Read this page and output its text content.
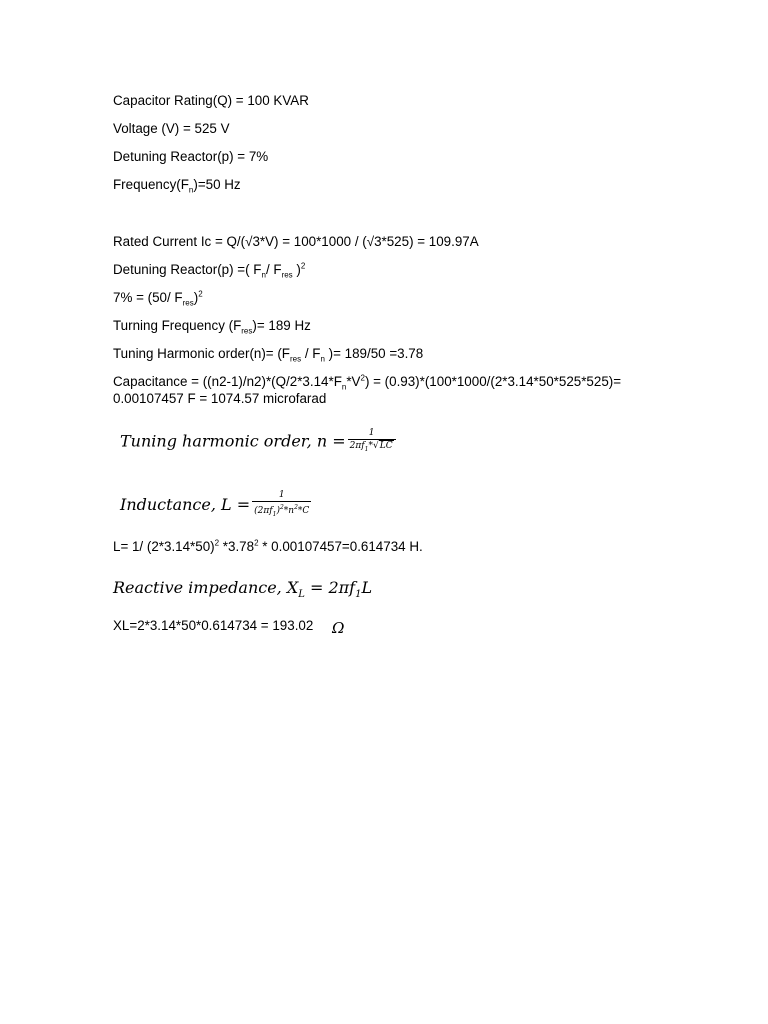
Capacitor Rating(Q) = 100 KVAR
Voltage (V) = 525 V
Detuning Reactor(p) = 7%
$Frequency(F_n)=50$ Hz
Rated Current Ic = Q/(√3*V) = 100*1000 / (√3*525) = 109.97A
Detuning Reactor(p) =( $F_n/$ $F_{res}$ )$^2$
7% = (50/ $F_{res})^2$
Turning Frequency $(F_{res})= 189$ Hz
Tuning Harmonic order(n)= ($F_{res} / F_n$ )= 189/50 =3.78
Capacitance = $((n2-1)/n2)*(Q/2*3.14*F_n*V^2) = (0.93)*(100*1000/(2*3.14*50*525*525)=$
0.00107457 F = 1074.57 microfarad
Tuning harmonic order, $n = \frac{1}{2\pi f_1*√LC}$
Inductance, $L = \frac{1}{(2\pi f_1)^2*n^2*C}$
L= 1/ $(2*3.14*50)^2$ *3.78$^2$ * 0.00107457=0.614734 H.
Reactive impedance, $X_L = 2\pi f_1L$
XL=2*3.14*50*0.614734 = 193.02 Ω
